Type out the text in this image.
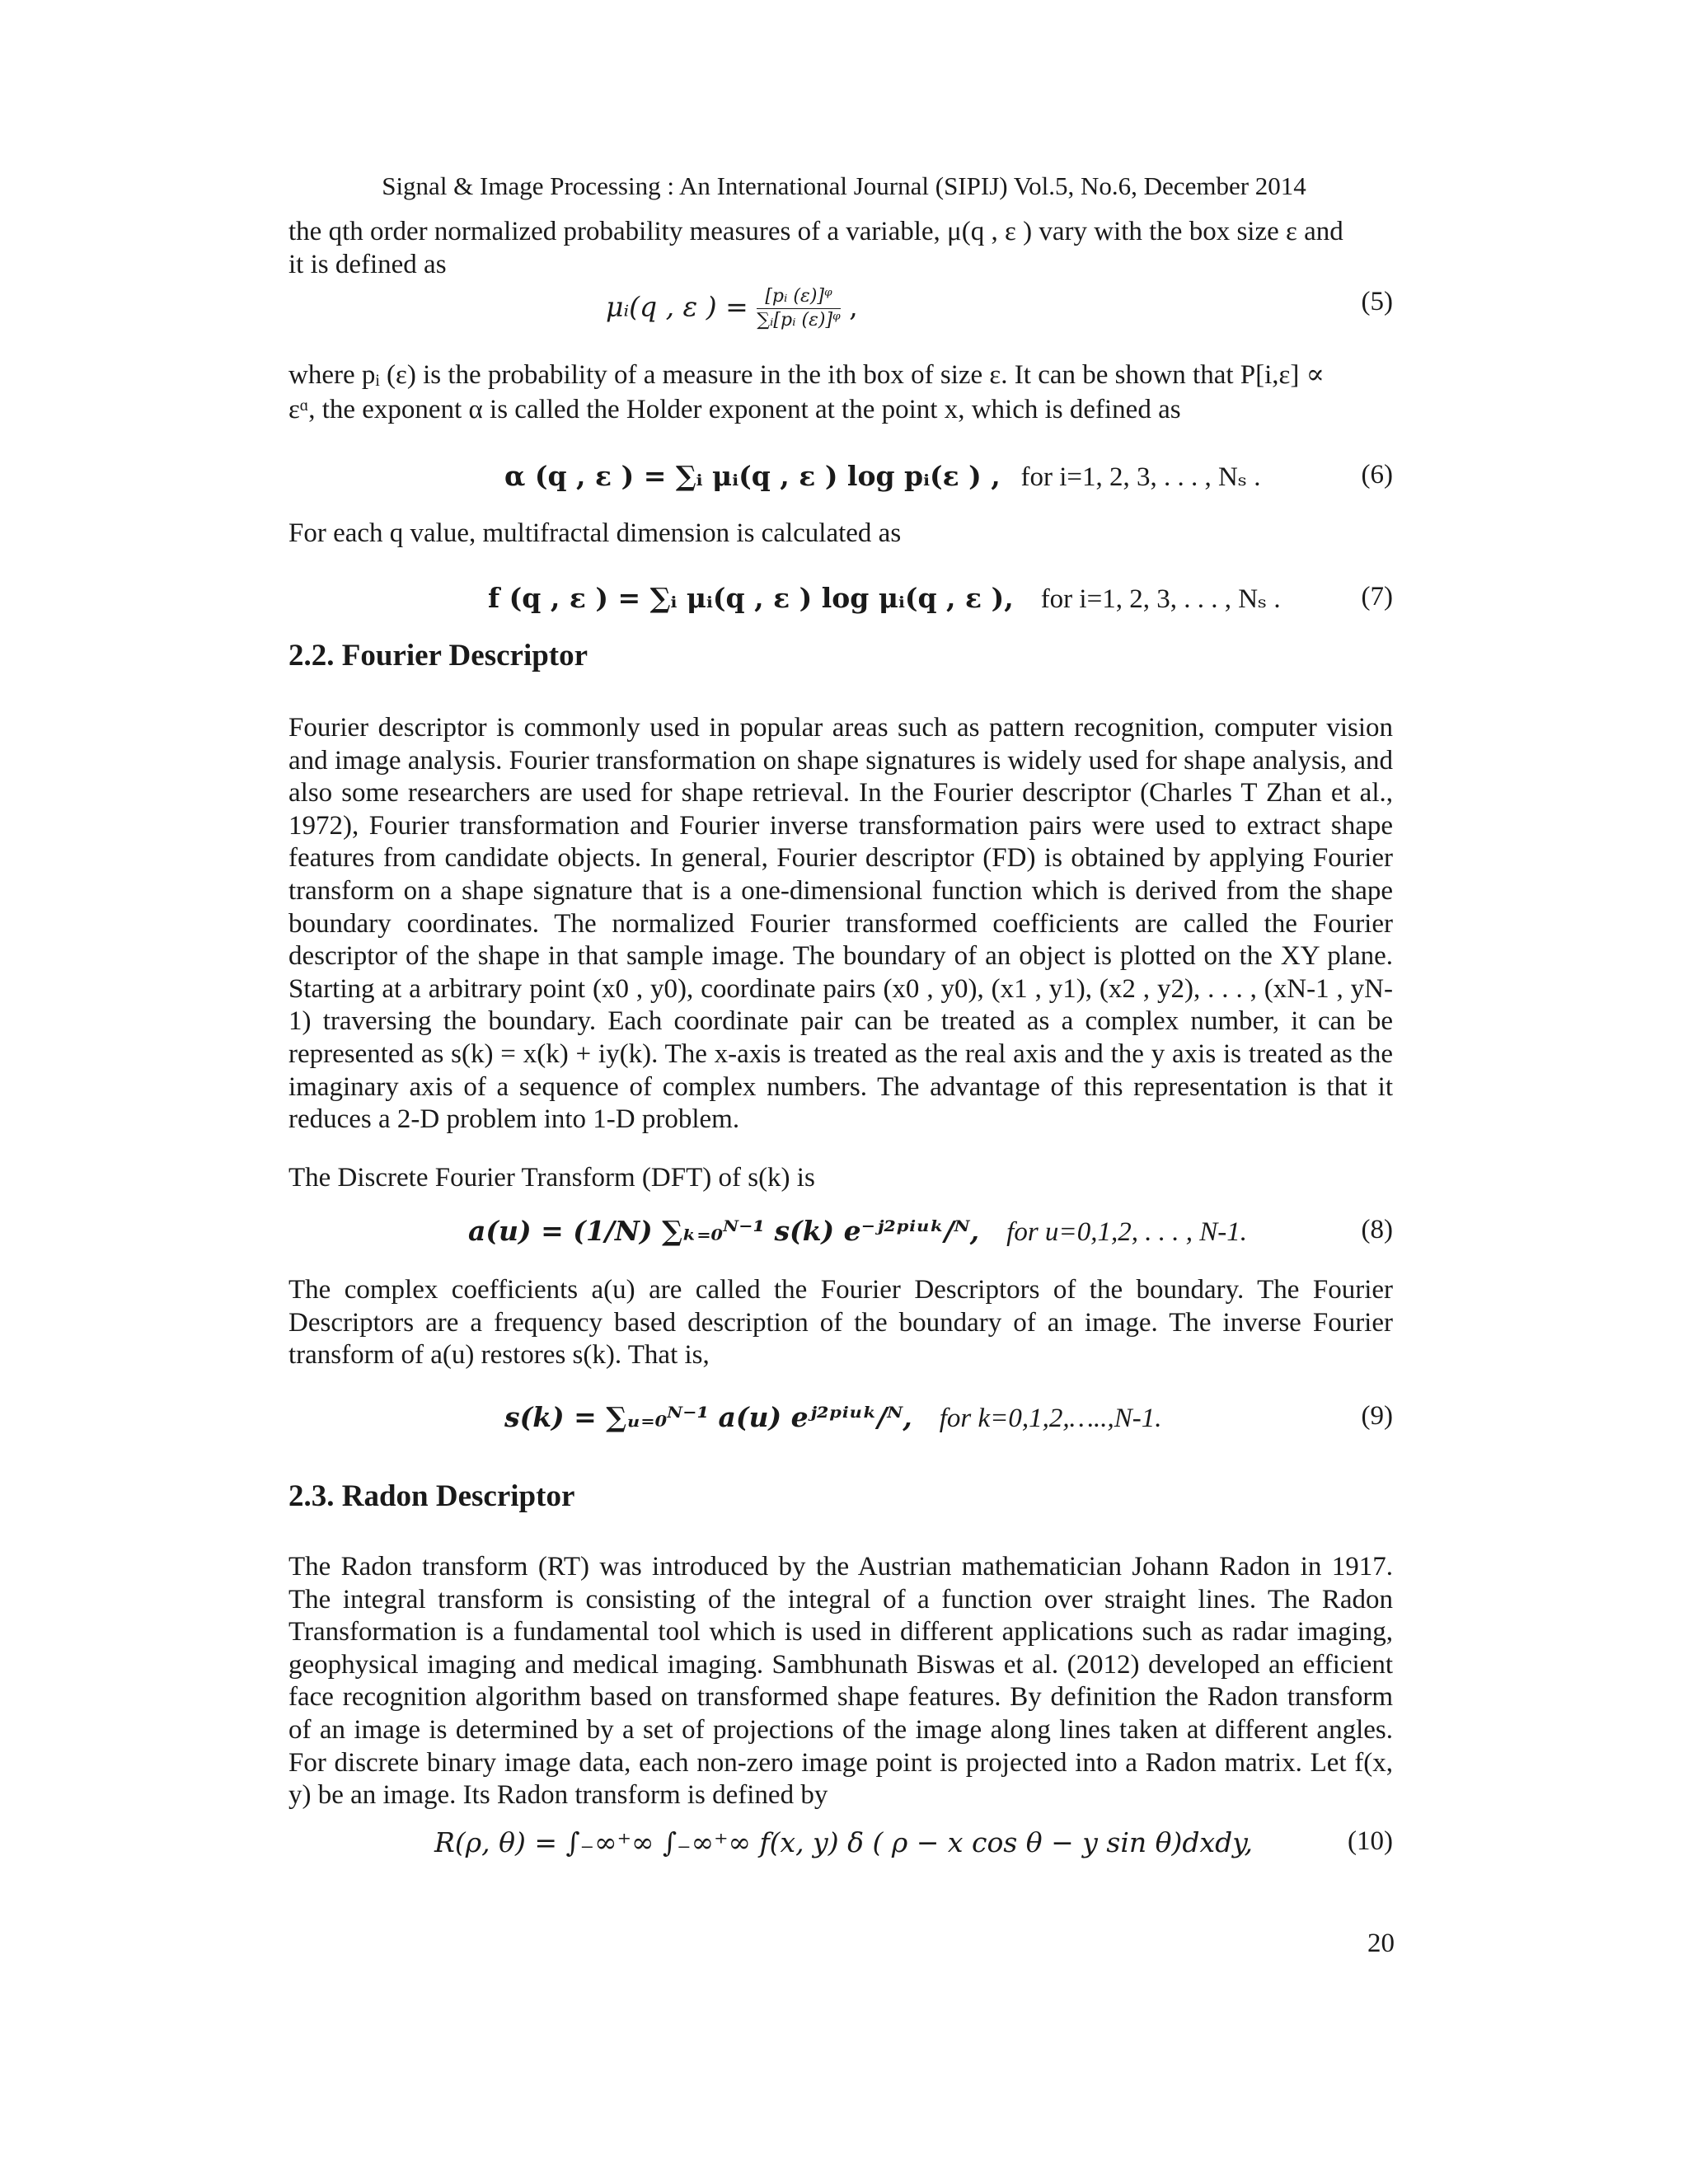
Signal & Image Processing : An International Journal (SIPIJ) Vol.5, No.6, December 2014

the qth order normalized probability measures of a variable, μ(q , ε ) vary with the box size ε and

it is defined as

μᵢ(q , ε ) = $\frac{\text{[pᵢ (ε)]ᵠ}}{\text{∑ᵢ[pᵢ (ε)]ᵠ}}$ ,	(5)

where pᵢ (ε) is the probability of a measure in the ith box of size ε. It can be shown that P[i,ε] ∝

εᵅ, the exponent α is called the Holder exponent at the point x, which is defined as

α (q , ε ) = ∑ᵢ μᵢ(q , ε ) log pᵢ(ε ) , for i=1, 2, 3, . . . , Nₛ .	(6)

For each q value, multifractal dimension is calculated as

f (q , ε ) = ∑ᵢ μᵢ(q , ε ) log μᵢ(q , ε ), for i=1, 2, 3, . . . , Nₛ .	(7)
2.2. Fourier Descriptor

Fourier descriptor is commonly used in popular areas such as pattern recognition, computer vision and image analysis. Fourier transformation on shape signatures is widely used for shape analysis, and also some researchers are used for shape retrieval. In the Fourier descriptor (Charles T Zhan et al., 1972), Fourier transformation and Fourier inverse transformation pairs were used to extract shape features from candidate objects. In general, Fourier descriptor (FD) is obtained by applying Fourier transform on a shape signature that is a one-dimensional function which is derived from the shape boundary coordinates. The normalized Fourier transformed coefficients are called the Fourier descriptor of the shape in that sample image. The boundary of an object is plotted on the XY plane. Starting at a arbitrary point (x0 , y0), coordinate pairs (x0 , y0), (x1 , y1), (x2 , y2), . . . , (xN-1 , yN-1) traversing the boundary. Each coordinate pair can be treated as a complex number, it can be represented as s(k) = x(k) + iy(k). The x-axis is treated as the real axis and the y axis is treated as the imaginary axis of a sequence of complex numbers. The advantage of this representation is that it reduces a 2-D problem into 1-D problem.

The Discrete Fourier Transform (DFT) of s(k) is

a(u) = (1/N) ∑ₖ₌₀ᴺ⁻¹ s(k) e⁻ʲ²ᵖⁱᵘᵏ/ᴺ, for u=0,1,2, . . . , N-1.	(8)

The complex coefficients a(u) are called the Fourier Descriptors of the boundary. The Fourier Descriptors are a frequency based description of the boundary of an image. The inverse Fourier transform of a(u) restores s(k). That is,

s(k) = ∑ᵤ₌₀ᴺ⁻¹ a(u) eʲ²ᵖⁱᵘᵏ/ᴺ, for k=0,1,2,…..,N-1.	(9)
2.3. Radon Descriptor

The Radon transform (RT) was introduced by the Austrian mathematician Johann Radon in 1917. The integral transform is consisting of the integral of a function over straight lines. The Radon Transformation is a fundamental tool which is used in different applications such as radar imaging, geophysical imaging and medical imaging. Sambhunath Biswas et al. (2012) developed an efficient face recognition algorithm based on transformed shape features. By definition the Radon transform of an image is determined by a set of projections of the image along lines taken at different angles. For discrete binary image data, each non-zero image point is projected into a Radon matrix. Let f(x, y) be an image. Its Radon transform is defined by

R(ρ, θ) = ∫₋∞⁺∞ ∫₋∞⁺∞ f(x, y) δ ( ρ − x cos θ − y sin θ)dxdy,	(10)
20
